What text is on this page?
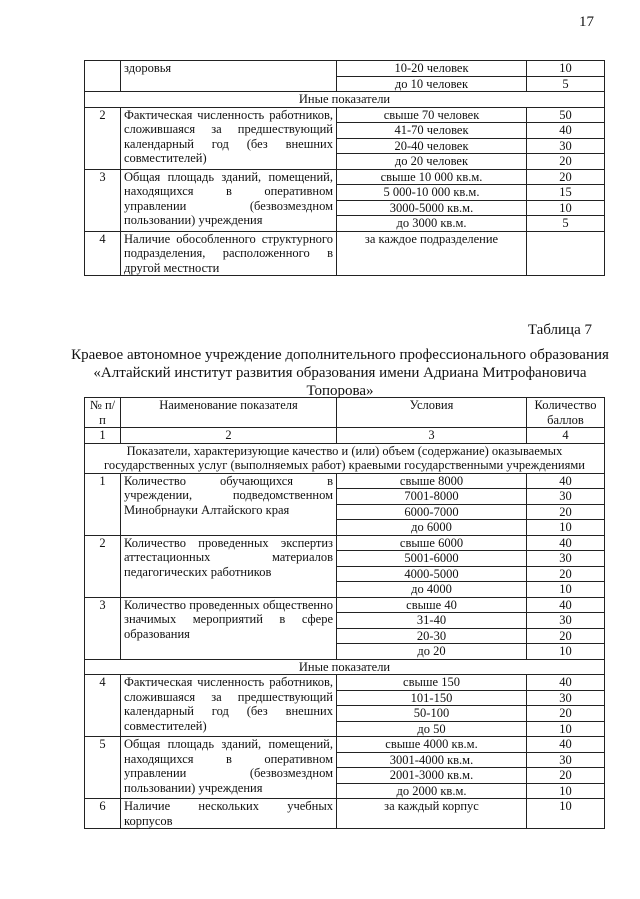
17
	здоровья	10-20 человек	10
		до 10 человек	5
Иные показатели			
2	Фактическая численность работников, сложившаяся за предшествующий календарный год (без внешних совместителей)	свыше 70 человек	50
		41-70 человек	40
		20-40 человек	30
		до 20 человек	20
3	Общая площадь зданий, помещений, находящихся в оперативном управлении (безвозмездном пользовании) учреждения	свыше 10 000 кв.м.	20
		5 000-10 000 кв.м.	15
		3000-5000 кв.м.	10
		до 3000 кв.м.	5
4	Наличие обособленного структурного подразделения, расположенного в другой местности	за каждое подразделение	
Таблица 7
Краевое автономное учреждение дополнительного профессионального образования «Алтайский институт развития образования имени Адриана Митрофановича Топорова»
№ п/п	Наименование показателя	Условия	Количество баллов
1	2	3	4
Показатели, характеризующие качество и (или) объем (содержание) оказываемых государственных услуг (выполняемых работ) краевыми государственными учреждениями			
1	Количество обучающихся в учреждении, подведомственном Минобрнауки Алтайского края	свыше 8000	40
		7001-8000	30
		6000-7000	20
		до 6000	10
2	Количество проведенных экспертиз аттестационных материалов педагогических работников	свыше 6000	40
		5001-6000	30
		4000-5000	20
		до 4000	10
3	Количество проведенных общественно значимых мероприятий в сфере образования	свыше 40	40
		31-40	30
		20-30	20
		до 20	10
Иные показатели			
4	Фактическая численность работников, сложившаяся за предшествующий календарный год (без внешних совместителей)	свыше 150	40
		101-150	30
		50-100	20
		до 50	10
5	Общая площадь зданий, помещений, находящихся в оперативном управлении (безвозмездном пользовании) учреждения	свыше 4000 кв.м.	40
		3001-4000 кв.м.	30
		2001-3000 кв.м.	20
		до 2000 кв.м.	10
6	Наличие нескольких учебных корпусов	за каждый корпус	10
